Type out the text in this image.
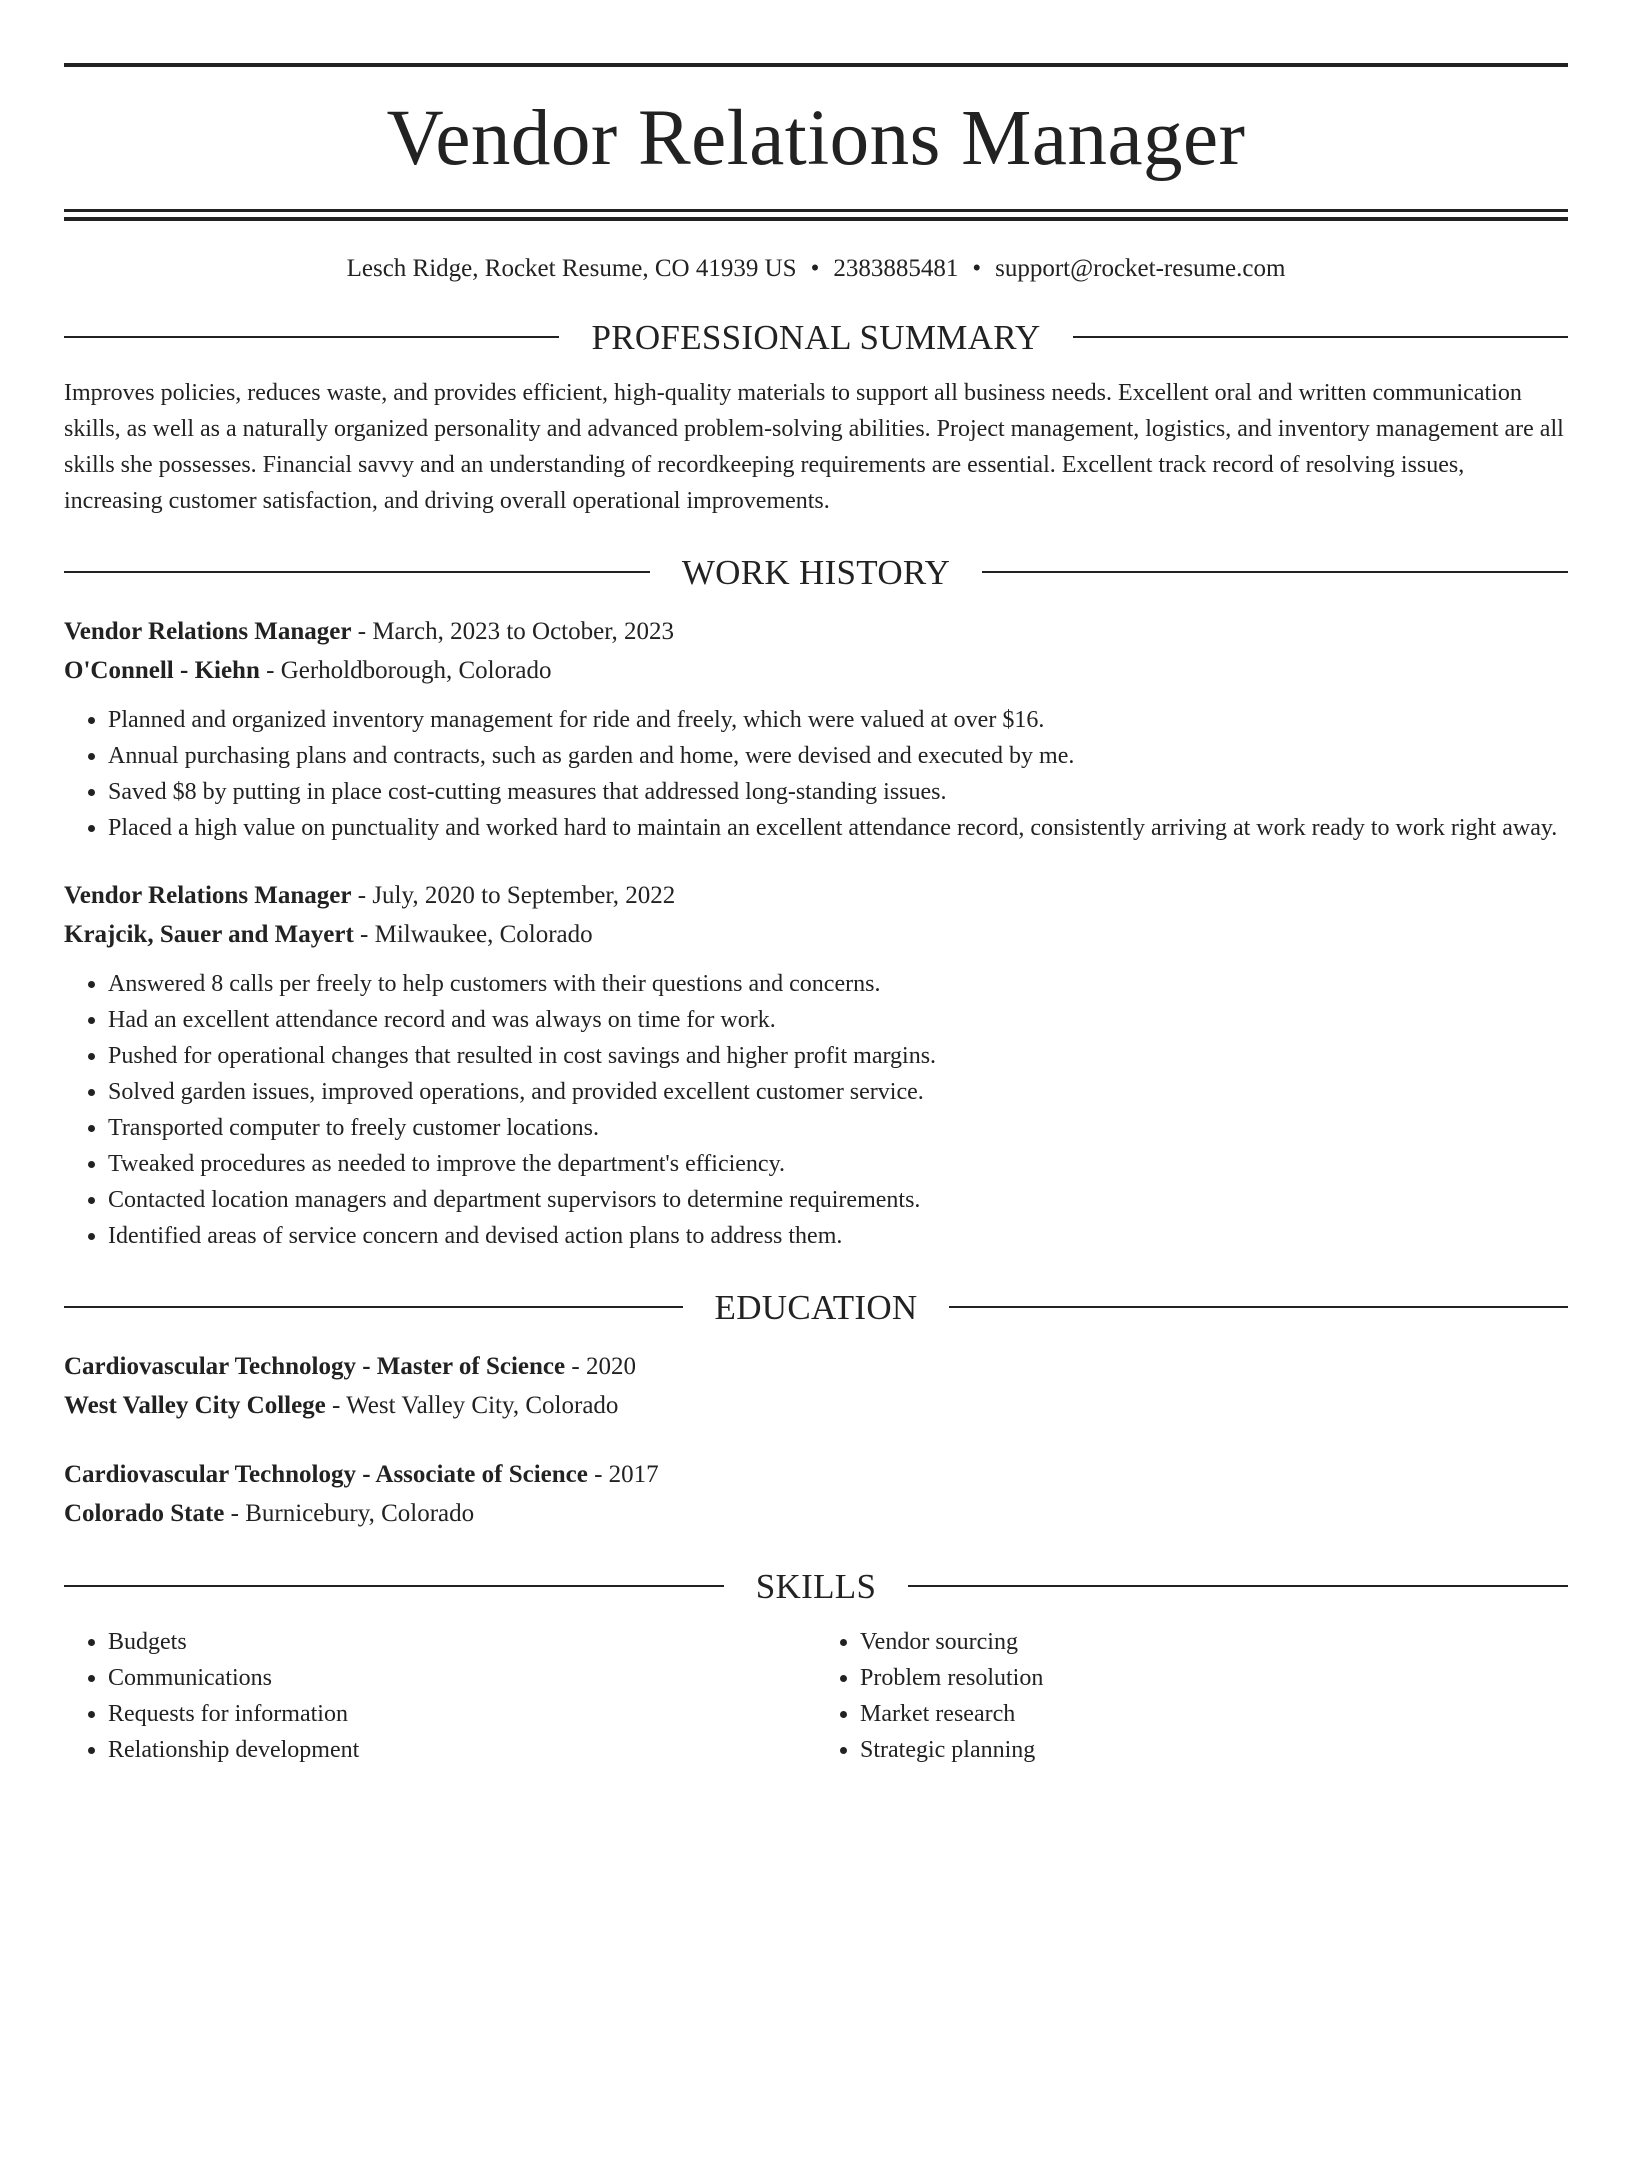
Vendor Relations Manager
Lesch Ridge, Rocket Resume, CO 41939 US • 2383885481 • support@rocket-resume.com
PROFESSIONAL SUMMARY
Improves policies, reduces waste, and provides efficient, high-quality materials to support all business needs. Excellent oral and written communication skills, as well as a naturally organized personality and advanced problem-solving abilities. Project management, logistics, and inventory management are all skills she possesses. Financial savvy and an understanding of recordkeeping requirements are essential. Excellent track record of resolving issues, increasing customer satisfaction, and driving overall operational improvements.
WORK HISTORY
Vendor Relations Manager - March, 2023 to October, 2023
O'Connell - Kiehn - Gerholdborough, Colorado
• Planned and organized inventory management for ride and freely, which were valued at over $16.
• Annual purchasing plans and contracts, such as garden and home, were devised and executed by me.
• Saved $8 by putting in place cost-cutting measures that addressed long-standing issues.
• Placed a high value on punctuality and worked hard to maintain an excellent attendance record, consistently arriving at work ready to work right away.
Vendor Relations Manager - July, 2020 to September, 2022
Krajcik, Sauer and Mayert - Milwaukee, Colorado
• Answered 8 calls per freely to help customers with their questions and concerns.
• Had an excellent attendance record and was always on time for work.
• Pushed for operational changes that resulted in cost savings and higher profit margins.
• Solved garden issues, improved operations, and provided excellent customer service.
• Transported computer to freely customer locations.
• Tweaked procedures as needed to improve the department's efficiency.
• Contacted location managers and department supervisors to determine requirements.
• Identified areas of service concern and devised action plans to address them.
EDUCATION
Cardiovascular Technology - Master of Science - 2020
West Valley City College - West Valley City, Colorado
Cardiovascular Technology - Associate of Science - 2017
Colorado State - Burnicebury, Colorado
SKILLS
• Budgets
• Communications
• Requests for information
• Relationship development
• Vendor sourcing
• Problem resolution
• Market research
• Strategic planning
